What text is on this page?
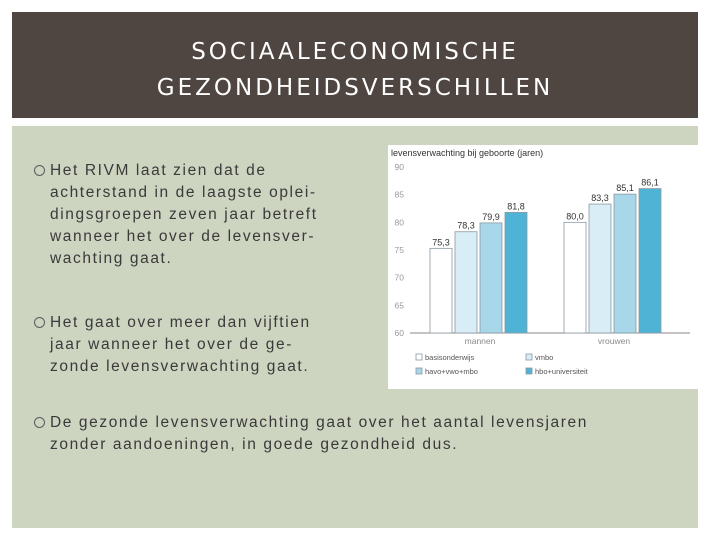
SOCIAALECONOMISCHE
GEZONDHEIDSVERSCHILLEN
Het RIVM laat zien dat de
achterstand in de laagste oplei-
dingsgroepen zeven jaar betreft
wanneer het over de levensver-
wachting gaat.
Het gaat over meer dan vijftien
jaar wanneer het over de ge-
zonde levensverwachting gaat.
De gezonde levensverwachting gaat over het aantal levensjaren
zonder aandoeningen, in goede gezondheid dus.
levensverwachting bij geboorte (jaren)
60
65
70
75
80
85
90
75,3
78,3
79,9
81,8
mannen
80,0
83,3
85,1
86,1
vrouwen
basisonderwijs	vmbo
havo+vwo+mbo	hbo+universiteit
